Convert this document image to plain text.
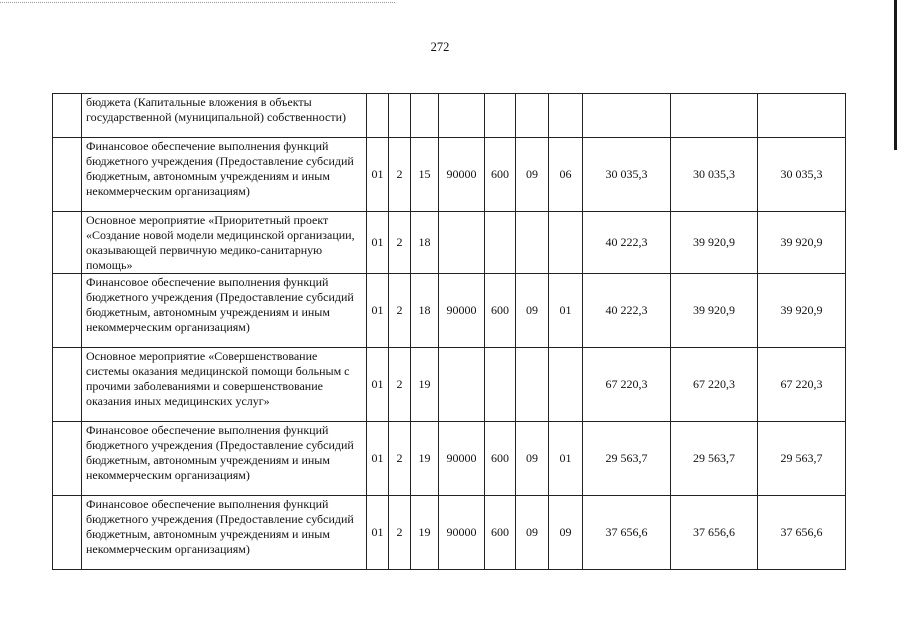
272
	бюджета (Капитальные вложения в объекты государственной (муниципальной) собственности)										
	Финансовое обеспечение выполнения функций бюджетного учреждения (Предоставление субсидий бюджетным, автономным учреждениям и иным некоммерческим организациям)	01	2	15	90000	600	09	06	30 035,3	30 035,3	30 035,3
	Основное мероприятие «Приоритетный проект «Создание новой модели медицинской организации, оказывающей первичную медико-санитарную помощь»	01	2	18					40 222,3	39 920,9	39 920,9
	Финансовое обеспечение выполнения функций бюджетного учреждения (Предоставление субсидий бюджетным, автономным учреждениям и иным некоммерческим организациям)	01	2	18	90000	600	09	01	40 222,3	39 920,9	39 920,9
	Основное мероприятие «Совершенствование системы оказания медицинской помощи больным с прочими заболеваниями и совершенствование оказания иных медицинских услуг»	01	2	19					67 220,3	67 220,3	67 220,3
	Финансовое обеспечение выполнения функций бюджетного учреждения (Предоставление субсидий бюджетным, автономным учреждениям и иным некоммерческим организациям)	01	2	19	90000	600	09	01	29 563,7	29 563,7	29 563,7
	Финансовое обеспечение выполнения функций бюджетного учреждения (Предоставление субсидий бюджетным, автономным учреждениям и иным некоммерческим организациям)	01	2	19	90000	600	09	09	37 656,6	37 656,6	37 656,6
